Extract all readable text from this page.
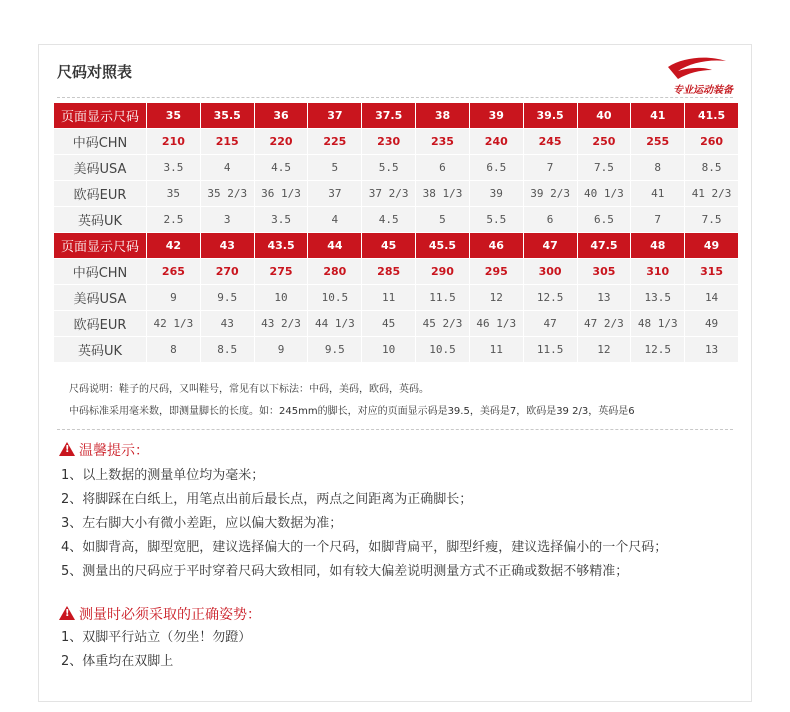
尺码对照表
专业运动装备
页面显示尺码	35	35.5	36	37	37.5	38	39	39.5	40	41	41.5
中码CHN	210	215	220	225	230	235	240	245	250	255	260
美码USA	3.5	4	4.5	5	5.5	6	6.5	7	7.5	8	8.5
欧码EUR	35	35 2/3	36 1/3	37	37 2/3	38 1/3	39	39 2/3	40 1/3	41	41 2/3
英码UK	2.5	3	3.5	4	4.5	5	5.5	6	6.5	7	7.5
页面显示尺码	42	43	43.5	44	45	45.5	46	47	47.5	48	49
中码CHN	265	270	275	280	285	290	295	300	305	310	315
美码USA	9	9.5	10	10.5	11	11.5	12	12.5	13	13.5	14
欧码EUR	42 1/3	43	43 2/3	44 1/3	45	45 2/3	46 1/3	47	47 2/3	48 1/3	49
英码UK	8	8.5	9	9.5	10	10.5	11	11.5	12	12.5	13
尺码说明：鞋子的尺码，又叫鞋号，常见有以下标法：中码，美码，欧码，英码。
中码标准采用毫米数，即测量脚长的长度。如：245mm的脚长，对应的页面显示码是39.5，美码是7，欧码是39 2/3，英码是6
!温馨提示：
1、以上数据的测量单位均为毫米；
2、将脚踩在白纸上，用笔点出前后最长点，两点之间距离为正确脚长；
3、左右脚大小有微小差距，应以偏大数据为准；
4、如脚背高，脚型宽肥，建议选择偏大的一个尺码，如脚背扁平，脚型纤瘦，建议选择偏小的一个尺码；
5、测量出的尺码应于平时穿着尺码大致相同，如有较大偏差说明测量方式不正确或数据不够精准；
!测量时必须采取的正确姿势：
1、双脚平行站立（勿坐！勿蹬）
2、体重均在双脚上
